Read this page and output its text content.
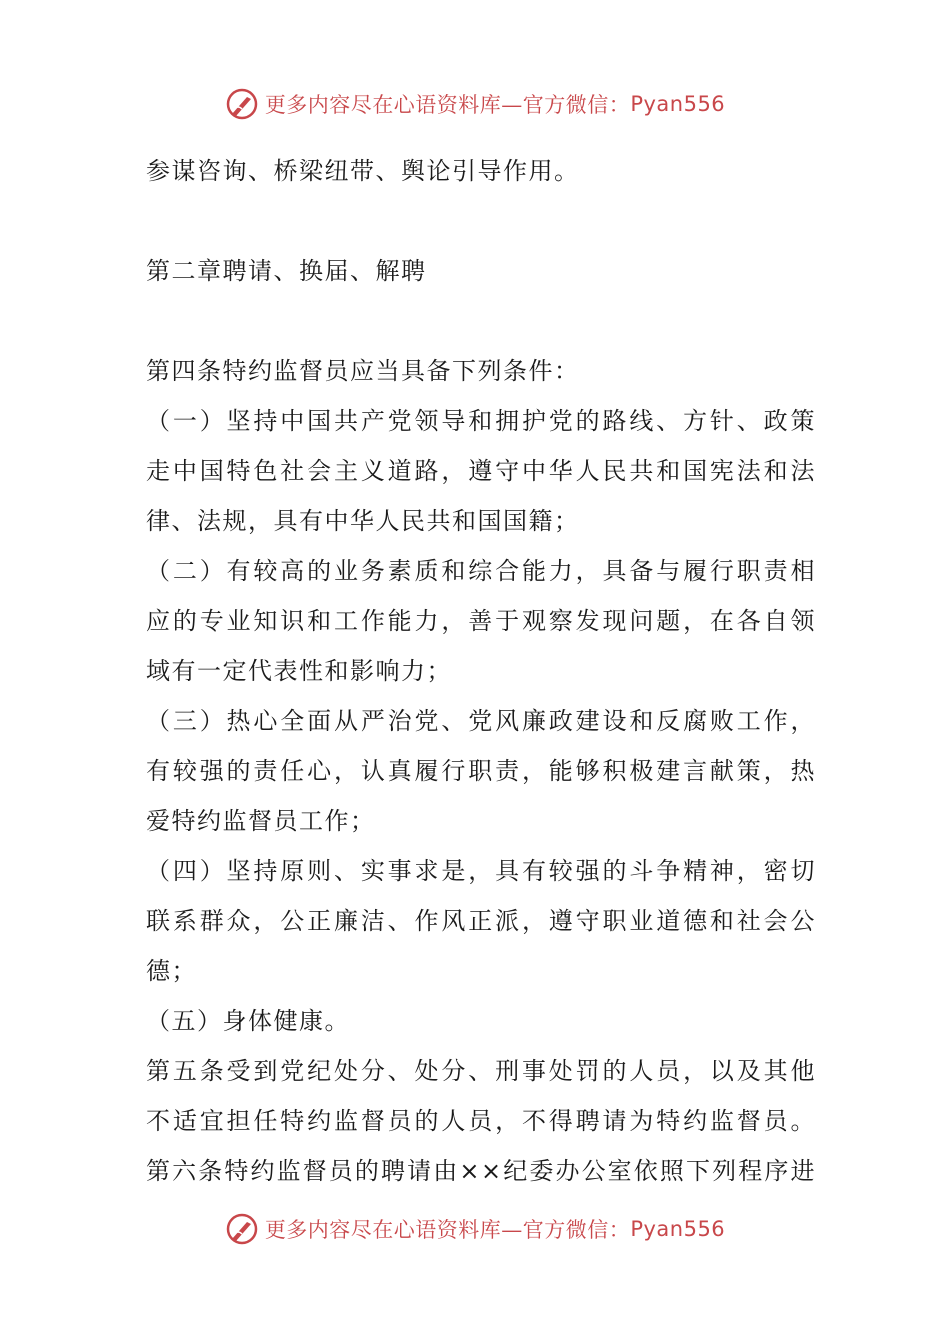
更多内容尽在心语资料库—官方微信： Pyan556
参谋咨询、桥梁纽带、舆论引导作用。
第二章聘请、换届、解聘
第四条特约监督员应当具备下列条件：
（一）坚持中国共产党领导和拥护党的路线、方针、政策
走中国特色社会主义道路，遵守中华人民共和国宪法和法
律、法规，具有中华人民共和国国籍；
（二）有较高的业务素质和综合能力，具备与履行职责相
应的专业知识和工作能力，善于观察发现问题，在各自领
域有一定代表性和影响力；
（三）热心全面从严治党、党风廉政建设和反腐败工作，
有较强的责任心，认真履行职责，能够积极建言献策，热
爱特约监督员工作；
（四）坚持原则、实事求是，具有较强的斗争精神，密切
联系群众，公正廉洁、作风正派，遵守职业道德和社会公
德；
（五）身体健康。
第五条受到党纪处分、处分、刑事处罚的人员，以及其他
不适宜担任特约监督员的人员，不得聘请为特约监督员。
第六条特约监督员的聘请由××纪委办公室依照下列程序进
更多内容尽在心语资料库—官方微信： Pyan556
